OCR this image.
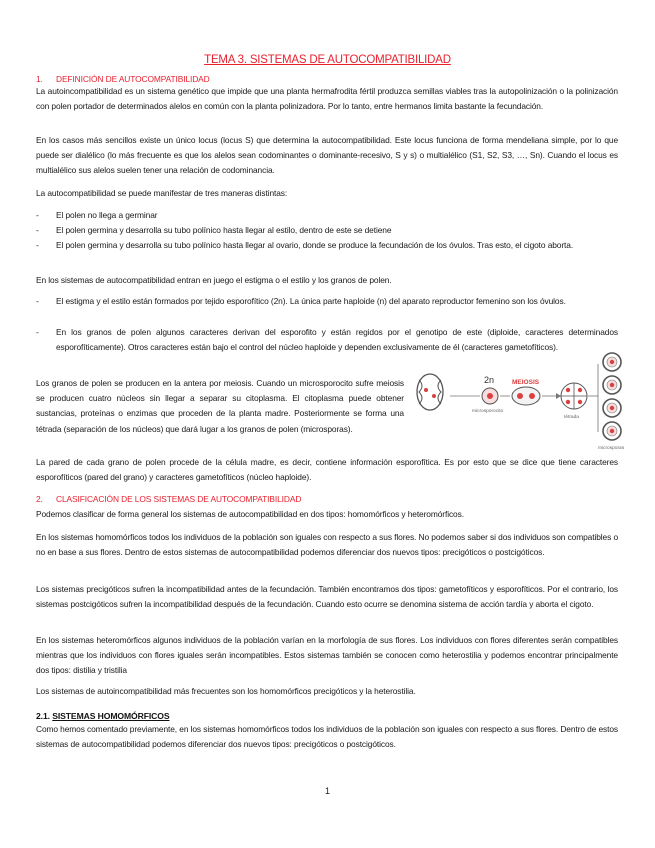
TEMA 3. SISTEMAS DE AUTOCOMPATIBILIDAD
1. DEFINICIÓN DE AUTOCOMPATIBILIDAD
La autoincompatibilidad es un sistema genético que impide que una planta hermafrodita fértil produzca semillas viables tras la autopolinización o la polinización con polen portador de determinados alelos en común con la planta polinizadora. Por lo tanto, entre hermanos limita bastante la fecundación.
En los casos más sencillos existe un único locus (locus S) que determina la autocompatibilidad. Este locus funciona de forma mendeliana simple, por lo que puede ser dialélico (lo más frecuente es que los alelos sean codominantes o dominante-recesivo, S y s) o multialélico (S1, S2, S3, …, Sn). Cuando el locus es multialélico sus alelos suelen tener una relación de codominancia.
La autocompatibilidad se puede manifestar de tres maneras distintas:
- El polen no llega a germinar
- El polen germina y desarrolla su tubo polínico hasta llegar al estilo, dentro de este se detiene
- El polen germina y desarrolla su tubo polínico hasta llegar al ovario, donde se produce la fecundación de los óvulos. Tras esto, el cigoto aborta.
En los sistemas de autocompatibilidad entran en juego el estigma o el estilo y los granos de polen.
- El estigma y el estilo están formados por tejido esporofítico (2n). La única parte haploide (n) del aparato reproductor femenino son los óvulos.
- En los granos de polen algunos caracteres derivan del esporofito y están regidos por el genotipo de este (diploide, caracteres determinados esporofíticamente). Otros caracteres están bajo el control del núcleo haploide y dependen exclusivamente de él (caracteres gametofíticos).
Los granos de polen se producen en la antera por meiosis. Cuando un microsporocito sufre meiosis se producen cuatro núcleos sin llegar a separar su citoplasma. El citoplasma puede obtener sustancias, proteínas o enzimas que proceden de la planta madre. Posteriormente se forma una tétrada (separación de los núcleos) que dará lugar a los granos de polen (microsporas).
2n
microsporocito
MEIOSIS
tétrada
microsporas
La pared de cada grano de polen procede de la célula madre, es decir, contiene información esporofítica. Es por esto que se dice que tiene caracteres esporofíticos (pared del grano) y caracteres gametofíticos (núcleo haploide).
2. CLASIFICACIÓN DE LOS SISTEMAS DE AUTOCOMPATIBILIDAD
Podemos clasificar de forma general los sistemas de autocompatibilidad en dos tipos: homomórficos y heteromórficos.
En los sistemas homomórficos todos los individuos de la población son iguales con respecto a sus flores. No podemos saber si dos individuos son compatibles o no en base a sus flores. Dentro de estos sistemas de autocompatibilidad podemos diferenciar dos nuevos tipos: precigóticos o postcigóticos.
Los sistemas precigóticos sufren la incompatibilidad antes de la fecundación. También encontramos dos tipos: gametofíticos y esporofíticos. Por el contrario, los sistemas postcigóticos sufren la incompatibilidad después de la fecundación. Cuando esto ocurre se denomina sistema de acción tardía y aborta el cigoto.
En los sistemas heteromórficos algunos individuos de la población varían en la morfología de sus flores. Los individuos con flores diferentes serán compatibles mientras que los individuos con flores iguales serán incompatibles. Estos sistemas también se conocen como heterostilia y podemos encontrar principalmente dos tipos: distilia y tristilia
Los sistemas de autoincompatibilidad más frecuentes son los homomórficos precigóticos y la heterostilia.
2.1. SISTEMAS HOMOMÓRFICOS
Como hemos comentado previamente, en los sistemas homomórficos todos los individuos de la población son iguales con respecto a sus flores. Dentro de estos sistemas de autocompatibilidad podemos diferenciar dos nuevos tipos: precigóticos o postcigóticos.
1
